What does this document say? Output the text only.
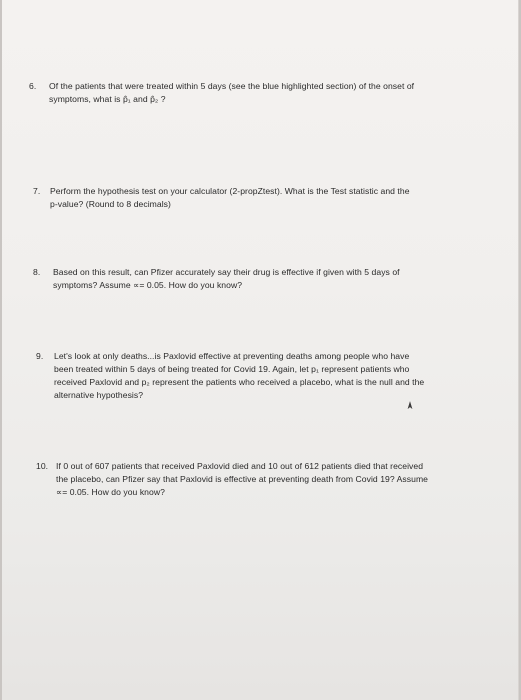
6. Of the patients that were treated within 5 days (see the blue highlighted section) of the onset of
symptoms, what is p̂₁ and p̂₂ ?
7. Perform the hypothesis test on your calculator (2-propZtest). What is the Test statistic and the
p-value? (Round to 8 decimals)
8. Based on this result, can Pfizer accurately say their drug is effective if given with 5 days of
symptoms? Assume ∝= 0.05. How do you know?
9. Let's look at only deaths...is Paxlovid effective at preventing deaths among people who have
been treated within 5 days of being treated for Covid 19. Again, let p₁ represent patients who
received Paxlovid and p₂ represent the patients who received a placebo, what is the null and the
alternative hypothesis?
10. If 0 out of 607 patients that received Paxlovid died and 10 out of 612 patients died that received
the placebo, can Pfizer say that Paxlovid is effective at preventing death from Covid 19? Assume
∝= 0.05. How do you know?
